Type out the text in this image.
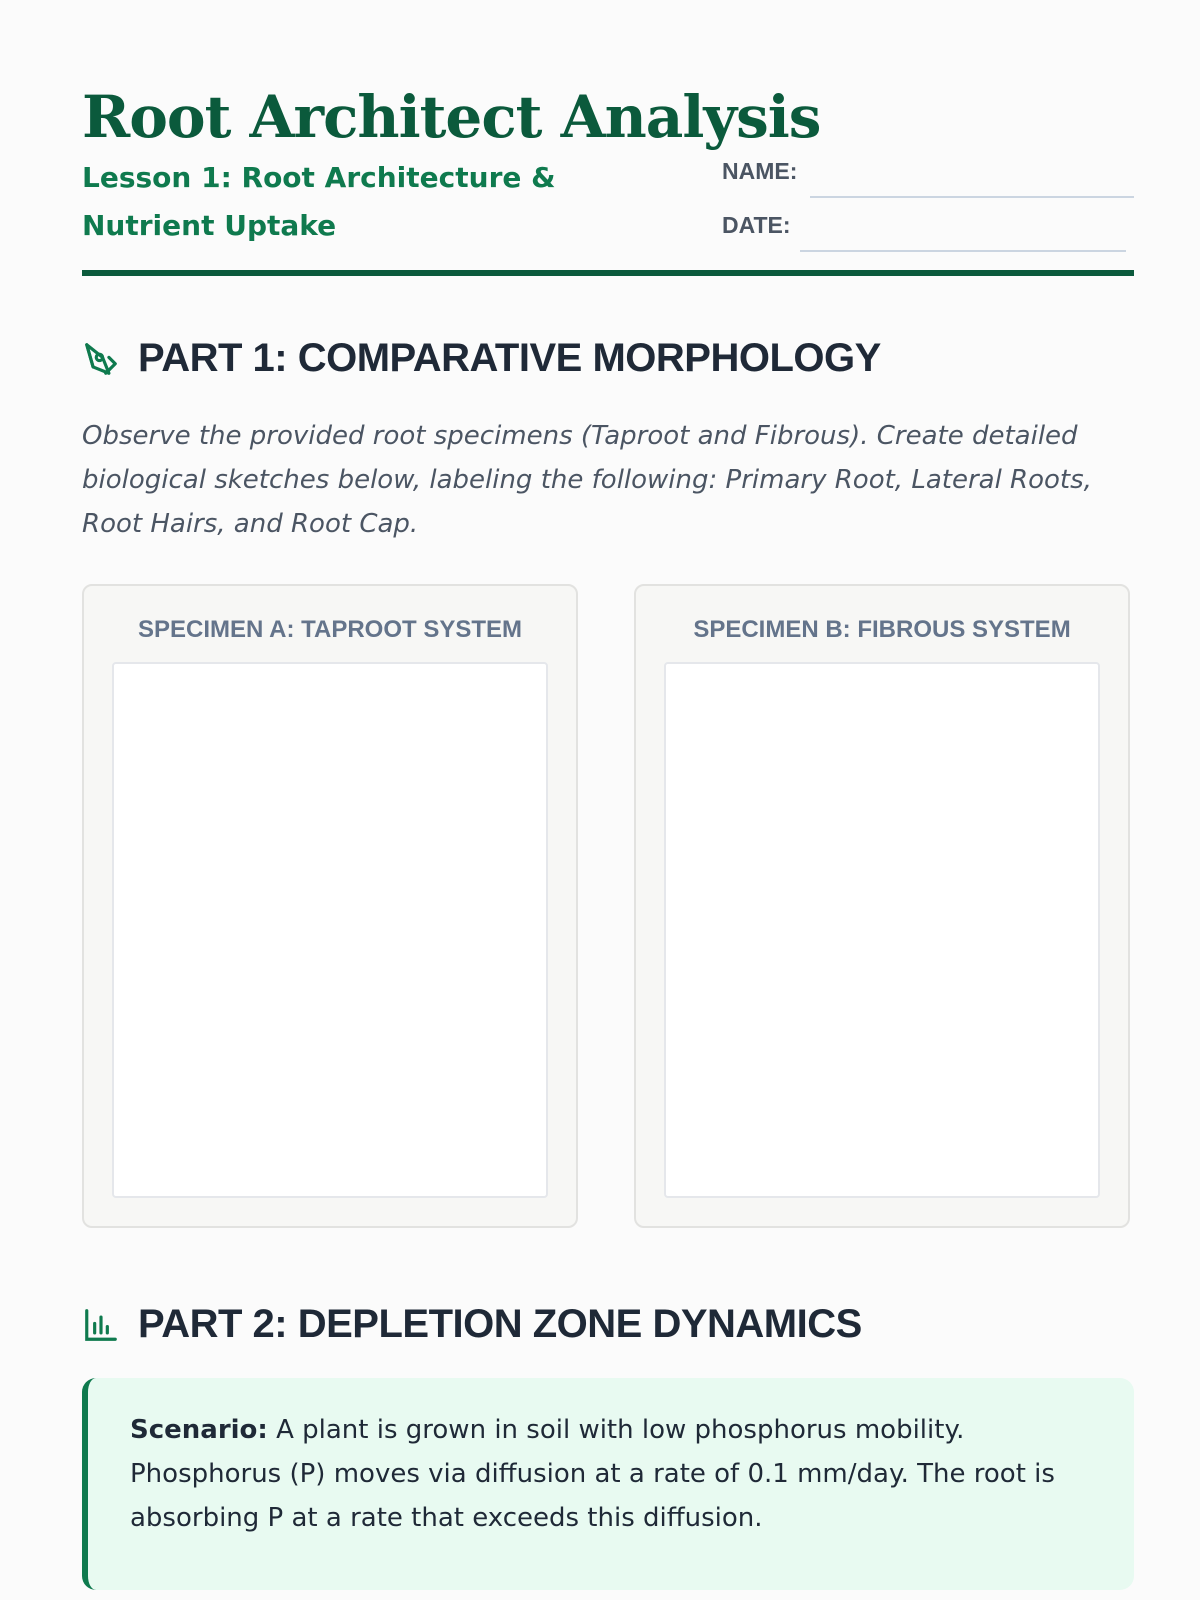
Root Architect Analysis
Lesson 1: Root Architecture & Nutrient Uptake
NAME:
DATE:
PART 1: COMPARATIVE MORPHOLOGY
Observe the provided root specimens (Taproot and Fibrous). Create detailed biological sketches below, labeling the following: Primary Root, Lateral Roots, Root Hairs, and Root Cap.
SPECIMEN A: TAPROOT SYSTEM	SPECIMEN B: FIBROUS SYSTEM
PART 2: DEPLETION ZONE DYNAMICS
Scenario: A plant is grown in soil with low phosphorus mobility. Phosphorus (P) moves via diffusion at a rate of 0.1 mm/day. The root is absorbing P at a rate that exceeds this diffusion.
